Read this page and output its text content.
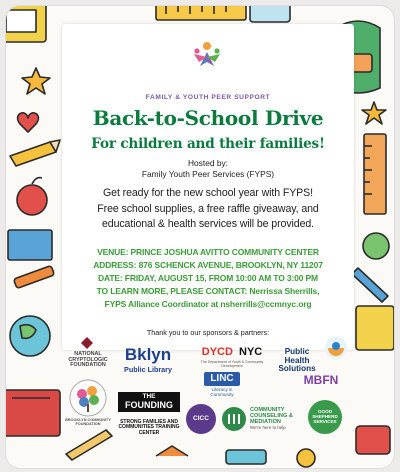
FAMILY & YOUTH PEER SUPPORT
Back-to-School Drive
For children and their families!
Hosted by:
Family Youth Peer Services (FYPS)
Get ready for the new school year with FYPS!
Free school supplies, a free raffle giveaway, and
educational & health services will be provided.
VENUE: PRINCE JOSHUA AVITTO COMMUNITY CENTER
ADDRESS: 876 SCHENCK AVENUE, BROOKLYN, NY 11207
DATE: FRIDAY, AUGUST 15, FROM 10:00 AM TO 3:00 PM
TO LEARN MORE, PLEASE CONTACT: Nerrissa Sherrills,
FYPS Alliance Coordinator at nsherrills@ccmnyc.org
Thank you to our sponsors & partners:
NATIONAL CRYPTOLOGIC FOUNDATION
Bklyn
Public Library
DYCD NYC
The Department of Youth & Community Development
Public Health Solutions
LINC
Literacy in Community
MBFN
BROOKLYN COMMUNITY FOUNDATION
THE
FOUNDING
STRONG FAMILIES AND COMMUNITIES TRAINING CENTER
CICC
COMMUNITY COUNSELING & MEDIATION
We're here to help
GOOD SHEPHERD SERVICES
